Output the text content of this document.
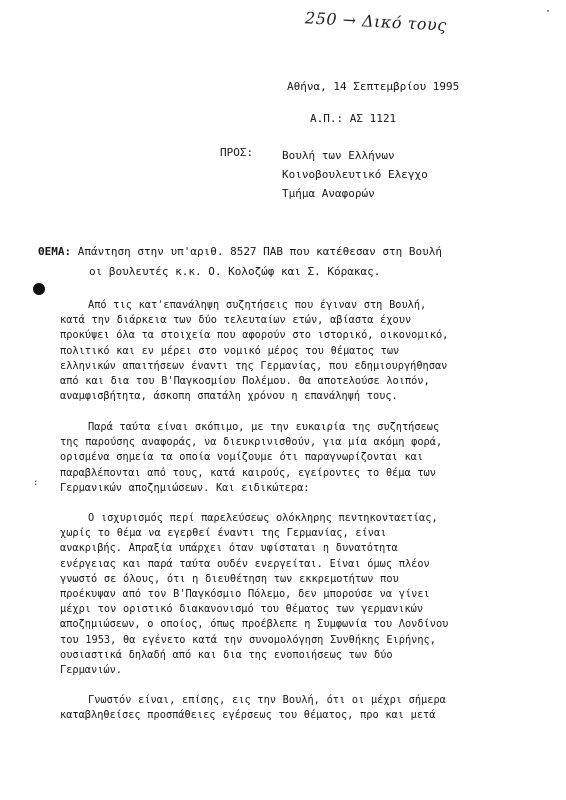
250 → Δικό τους	·
Αθήνα, 14 Σεπτεμβρίου 1995
Α.Π.: ΑΣ 1121
ΠΡΟΣ:	Βουλή των Ελλήνων
Κοινοβουλευτικό Ελεγχο
Τμήμα Αναφορών
ΘΕΜΑ: Απάντηση στην υπ'αριθ. 8527 ΠΑΒ που κατέθεσαν στη Βουλή
οι βουλευτές κ.κ. Ο. Κολοζώφ και Σ. Κόρακας.
:
Από τις κατ'επανάληψη συζητήσεις που έγιναν στη Βουλή,
κατά την διάρκεια των δύο τελευταίων ετών, αβίαστα έχουν
προκύψει όλα τα στοιχεία που αφορούν στο ιστορικό, οικονομικό,
πολιτικό και εν μέρει στο νομικό μέρος του θέματος των
ελληνικών απαιτήσεων έναντι της Γερμανίας, που εδημιουργήθησαν
από και δια του Β'Παγκοσμίου Πολέμου. Θα αποτελούσε λοιπόν,
αναμφισβήτητα, άσκοπη σπατάλη χρόνου η επανάληψή τους.
Παρά ταύτα είναι σκόπιμο, με την ευκαιρία της συζητήσεως
της παρούσης αναφοράς, να διευκρινισθούν, για μία ακόμη φορά,
ορισμένα σημεία τα οποία νομίζουμε ότι παραγνωρίζονται και
παραβλέπονται από τους, κατά καιρούς, εγείροντες το θέμα των
Γερμανικών αποζημιώσεων. Και ειδικώτερα:
Ο ισχυρισμός περί παρελεύσεως ολόκληρης πεντηκονταετίας,
χωρίς το θέμα να εγερθεί έναντι της Γερμανίας, είναι
ανακριβής. Απραξία υπάρχει όταν υφίσταται η δυνατότητα
ενέργειας και παρά ταύτα ουδέν ενεργείται. Είναι όμως πλέον
γνωστό σε όλους, ότι η διευθέτηση των εκκρεμοτήτων που
προέκυψαν από τον Β'Παγκόσμιο Πόλεμο, δεν μπορούσε να γίνει
μέχρι τον οριστικό διακανονισμό του θέματος των γερμανικών
αποζημιώσεων, ο οποίος, όπως προέβλεπε η Συμφωνία του Λονδίνου
του 1953, θα εγένετο κατά την συνομολόγηση Συνθήκης Ειρήνης,
ουσιαστικά δηλαδή από και δια της ενοποιήσεως των δύο
Γερμανιών.
Γνωστόν είναι, επίσης, εις την Βουλή, ότι οι μέχρι σήμερα
καταβληθείσες προσπάθειες εγέρσεως του θέματος, προ και μετά
